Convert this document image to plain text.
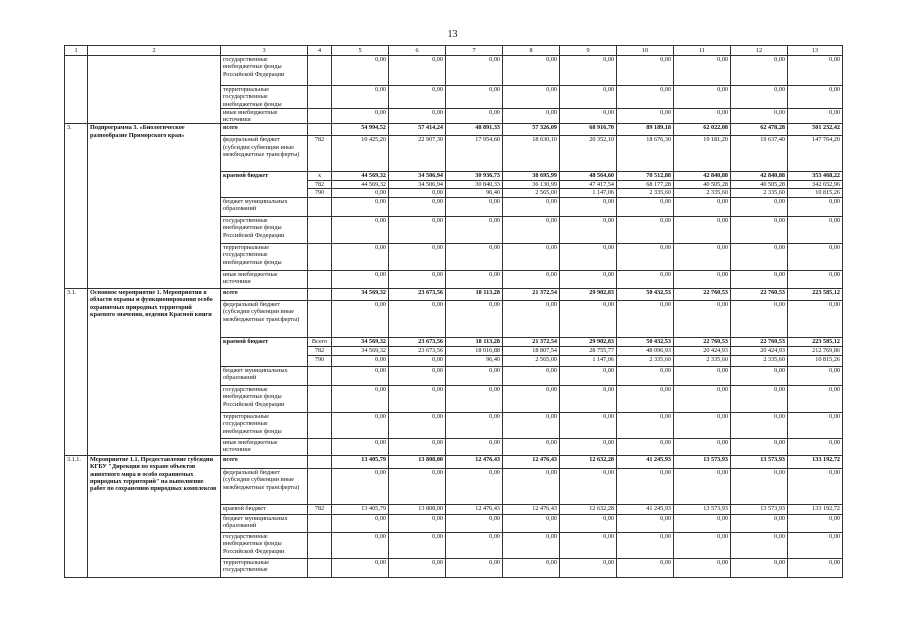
13
1	2	3	4	5	6	7	8	9	10	11	12	13
		государственные внебюджетные фонды Российской Федерации		0,00	0,00	0,00	0,00	0,00	0,00	0,00	0,00	0,00
		территориальные государственные внебюджетные фонды		0,00	0,00	0,00	0,00	0,00	0,00	0,00	0,00	0,00
		иные внебюджетные источники		0,00	0,00	0,00	0,00	0,00	0,00	0,00	0,00	0,00
3.	Подпрограмма 3. «Биологическое разнообразие Приморского края»	всего		54 994,52	57 414,24	48 891,33	57 326,09	68 916,70	89 189,18	62 022,08	62 478,28	501 232,42
		федеральный бюджет (субсидии субвенции иные межбюджетные трансферты)	782	10 425,20	22 907,30	17 954,60	18 630,10	20 352,10	18 676,30	19 181,20	19 637,40	147 764,20
		краевой бюджет	х	44 569,32	34 506,94	30 936,73	38 695,99	48 564,60	70 512,88	42 840,88	42 840,88	353 468,22
			782	44 569,32	34 506,94	30 840,33	36 130,99	47 417,54	68 177,28	40 505,28	40 505,28	342 652,96
			790	0,00	0,00	96,40	2 565,00	1 147,06	2 335,60	2 335,60	2 335,60	10 815,26
		бюджет муниципальных образований		0,00	0,00	0,00	0,00	0,00	0,00	0,00	0,00	0,00
		государственные внебюджетные фонды Российской Федерации		0,00	0,00	0,00	0,00	0,00	0,00	0,00	0,00	0,00
		территориальные государственные внебюджетные фонды		0,00	0,00	0,00	0,00	0,00	0,00	0,00	0,00	0,00
		иные внебюджетные источники		0,00	0,00	0,00	0,00	0,00	0,00	0,00	0,00	0,00
3.1.	Основное мероприятие 1. Мероприятия в области охраны и функционирования особо охраняемых природных территорий краевого значения, ведения Красной книги	всего		34 569,32	23 673,56	18 113,28	21 372,54	29 902,83	50 432,53	22 760,53	22 760,53	223 585,12
		федеральный бюджет (субсидии субвенции иные межбюджетные трансферты)		0,00	0,00	0,00	0,00	0,00	0,00	0,00	0,00	0,00
		краевой бюджет	Всего	34 569,32	23 673,56	18 113,28	21 372,54	29 902,83	50 432,53	22 760,53	22 760,53	223 585,12
			782	34 569,32	23 673,56	18 016,88	18 807,54	28 755,77	48 096,93	20 424,93	20 424,93	212 769,86
			790	0,00	0,00	96,40	2 565,00	1 147,06	2 335,60	2 335,60	2 335,60	10 815,26
		бюджет муниципальных образований		0,00	0,00	0,00	0,00	0,00	0,00	0,00	0,00	0,00
		государственные внебюджетные фонды Российской Федерации		0,00	0,00	0,00	0,00	0,00	0,00	0,00	0,00	0,00
		территориальные государственные внебюджетные фонды		0,00	0,00	0,00	0,00	0,00	0,00	0,00	0,00	0,00
		иные внебюджетные источники		0,00	0,00	0,00	0,00	0,00	0,00	0,00	0,00	0,00
3.1.1.	Мероприятие 1.1. Предоставление субсидии КГБУ "Дирекция по охране объектов животного мира и особо охраняемых природных территорий" на выполнение работ по сохранению природных комплексов	всего		13 405,79	13 808,00	12 476,43	12 476,43	12 632,28	41 245,93	13 573,93	13 573,93	133 192,72
		федеральный бюджет (субсидии субвенции иные межбюджетные трансферты)		0,00	0,00	0,00	0,00	0,00	0,00	0,00	0,00	0,00
		краевой бюджет	782	13 405,79	13 808,00	12 476,43	12 476,43	12 632,28	41 245,93	13 573,93	13 573,93	133 192,72
		бюджет муниципальных образований		0,00	0,00	0,00	0,00	0,00	0,00	0,00	0,00	0,00
		государственные внебюджетные фонды Российской Федерации		0,00	0,00	0,00	0,00	0,00	0,00	0,00	0,00	0,00
		территориальные государственные		0,00	0,00	0,00	0,00	0,00	0,00	0,00	0,00	0,00
